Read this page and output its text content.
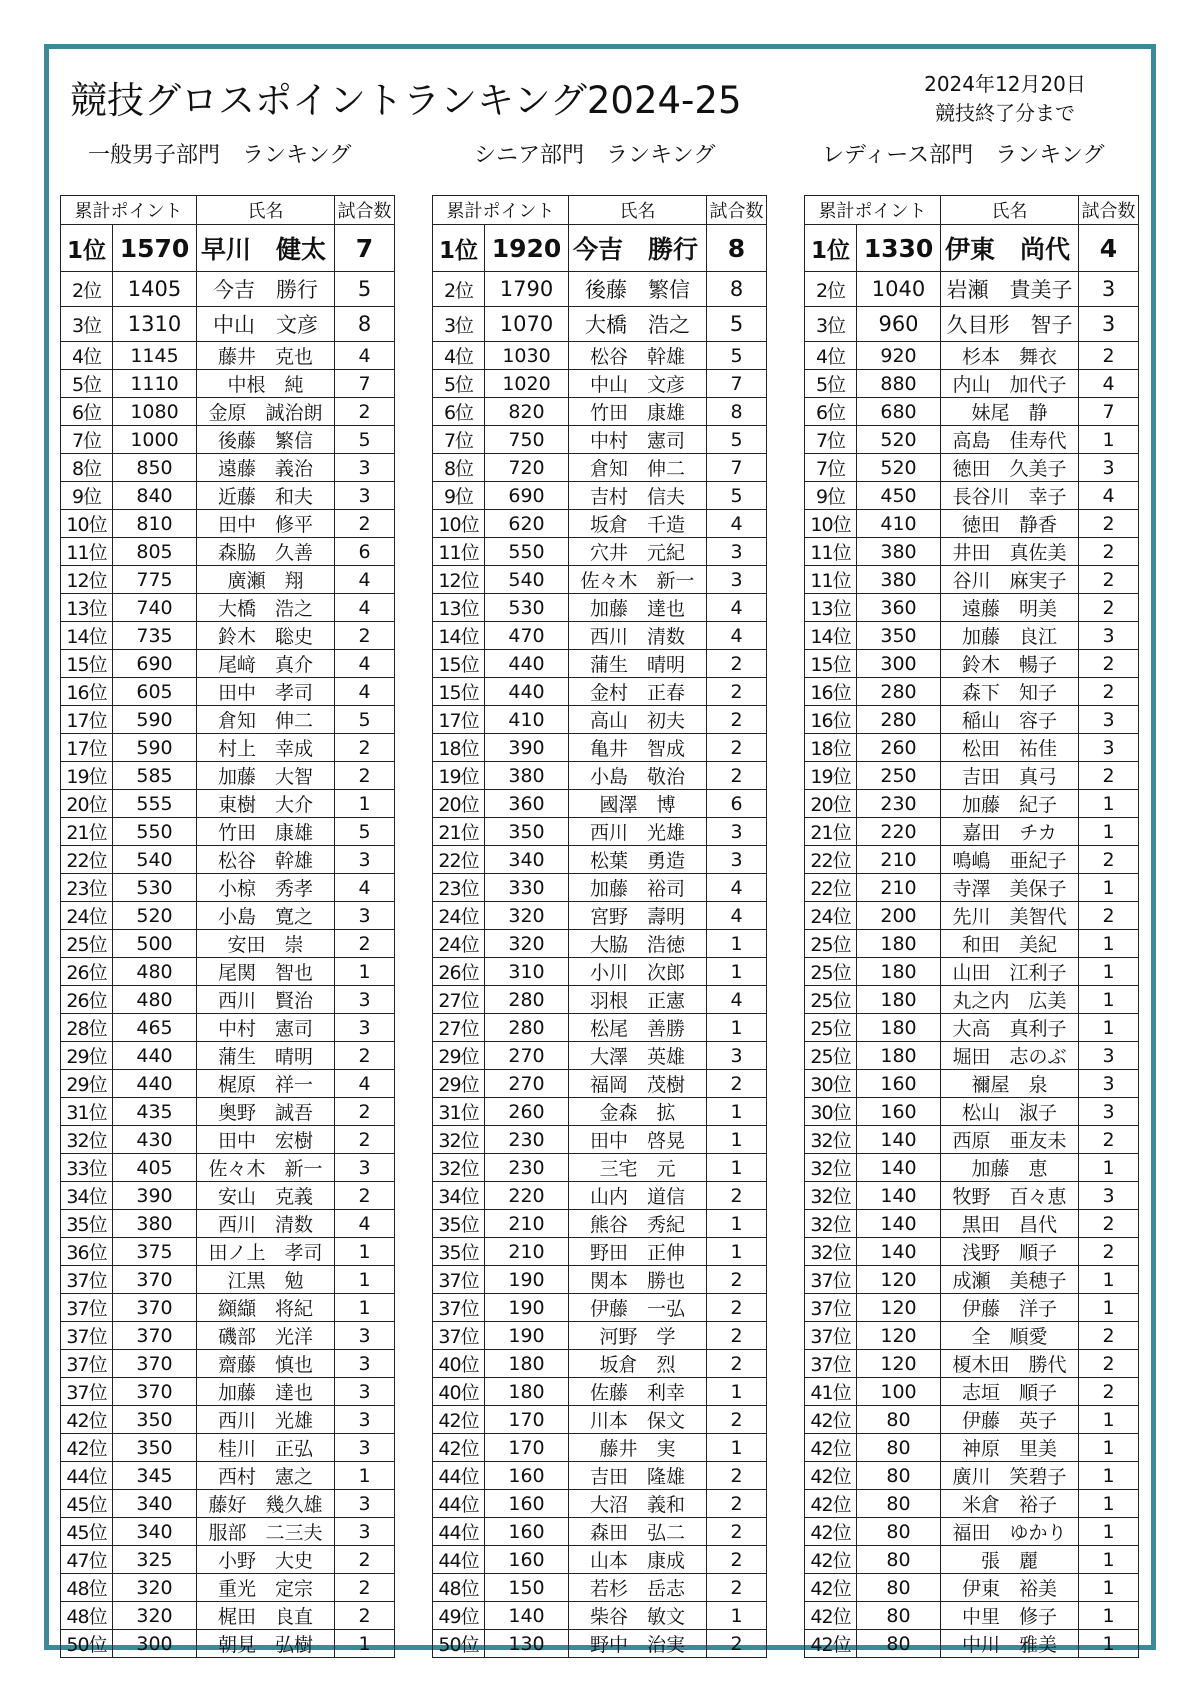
競技グロスポイントランキング2024-25	2024年12月20日
競技終了分まで
一般男子部門　ランキング	シニア部門　ランキング	レディース部門　ランキング
累計ポイント		氏名	試合数
1位	1570	早川　健太	7
2位	1405	今吉　勝行	5
3位	1310	中山　文彦	8
4位	1145	藤井　克也	4
5位	1110	中根　純	7
6位	1080	金原　誠治朗	2
7位	1000	後藤　繁信	5
8位	850	遠藤　義治	3
9位	840	近藤　和夫	3
10位	810	田中　修平	2
11位	805	森脇　久善	6
12位	775	廣瀬　翔	4
13位	740	大橋　浩之	4
14位	735	鈴木　聡史	2
15位	690	尾﨑　真介	4
16位	605	田中　孝司	4
17位	590	倉知　伸二	5
17位	590	村上　幸成	2
19位	585	加藤　大智	2
20位	555	東樹　大介	1
21位	550	竹田　康雄	5
22位	540	松谷　幹雄	3
23位	530	小椋　秀孝	4
24位	520	小島　寛之	3
25位	500	安田　崇	2
26位	480	尾関　智也	1
26位	480	西川　賢治	3
28位	465	中村　憲司	3
29位	440	蒲生　晴明	2
29位	440	梶原　祥一	4
31位	435	奥野　誠吾	2
32位	430	田中　宏樹	2
33位	405	佐々木　新一	3
34位	390	安山　克義	2
35位	380	西川　清数	4
36位	375	田ノ上　孝司	1
37位	370	江黒　勉	1
37位	370	纐纈　将紀	1
37位	370	磯部　光洋	3
37位	370	齋藤　慎也	3
37位	370	加藤　達也	3
42位	350	西川　光雄	3
42位	350	桂川　正弘	3
44位	345	西村　憲之	1
45位	340	藤好　幾久雄	3
45位	340	服部　二三夫	3
47位	325	小野　大史	2
48位	320	重光　定宗	2
48位	320	梶田　良直	2
50位	300	朝見　弘樹	1
累計ポイント		氏名	試合数
1位	1920	今吉　勝行	8
2位	1790	後藤　繁信	8
3位	1070	大橋　浩之	5
4位	1030	松谷　幹雄	5
5位	1020	中山　文彦	7
6位	820	竹田　康雄	8
7位	750	中村　憲司	5
8位	720	倉知　伸二	7
9位	690	吉村　信夫	5
10位	620	坂倉　千造	4
11位	550	穴井　元紀	3
12位	540	佐々木　新一	3
13位	530	加藤　達也	4
14位	470	西川　清数	4
15位	440	蒲生　晴明	2
15位	440	金村　正春	2
17位	410	高山　初夫	2
18位	390	亀井　智成	2
19位	380	小島　敬治	2
20位	360	國澤　博	6
21位	350	西川　光雄	3
22位	340	松葉　勇造	3
23位	330	加藤　裕司	4
24位	320	宮野　壽明	4
24位	320	大脇　浩徳	1
26位	310	小川　次郎	1
27位	280	羽根　正憲	4
27位	280	松尾　善勝	1
29位	270	大澤　英雄	3
29位	270	福岡　茂樹	2
31位	260	金森　拡	1
32位	230	田中　啓晃	1
32位	230	三宅　元	1
34位	220	山内　道信	2
35位	210	熊谷　秀紀	1
35位	210	野田　正伸	1
37位	190	関本　勝也	2
37位	190	伊藤　一弘	2
37位	190	河野　学	2
40位	180	坂倉　烈	2
40位	180	佐藤　利幸	1
42位	170	川本　保文	2
42位	170	藤井　実	1
44位	160	吉田　隆雄	2
44位	160	大沼　義和	2
44位	160	森田　弘二	2
44位	160	山本　康成	2
48位	150	若杉　岳志	2
49位	140	柴谷　敏文	1
50位	130	野中　治実	2
累計ポイント		氏名	試合数
1位	1330	伊東　尚代	4
2位	1040	岩瀬　貴美子	3
3位	960	久目形　智子	3
4位	920	杉本　舞衣	2
5位	880	内山　加代子	4
6位	680	妹尾　静	7
7位	520	高島　佳寿代	1
7位	520	徳田　久美子	3
9位	450	長谷川　幸子	4
10位	410	徳田　静香	2
11位	380	井田　真佐美	2
11位	380	谷川　麻実子	2
13位	360	遠藤　明美	2
14位	350	加藤　良江	3
15位	300	鈴木　暢子	2
16位	280	森下　知子	2
16位	280	稲山　容子	3
18位	260	松田　祐佳	3
19位	250	吉田　真弓	2
20位	230	加藤　紀子	1
21位	220	嘉田　チカ	1
22位	210	鳴嶋　亜紀子	2
22位	210	寺澤　美保子	1
24位	200	先川　美智代	2
25位	180	和田　美紀	1
25位	180	山田　江利子	1
25位	180	丸之内　広美	1
25位	180	大高　真利子	1
25位	180	堀田　志のぶ	3
30位	160	禰屋　泉	3
30位	160	松山　淑子	3
32位	140	西原　亜友未	2
32位	140	加藤　恵	1
32位	140	牧野　百々恵	3
32位	140	黒田　昌代	2
32位	140	浅野　順子	2
37位	120	成瀬　美穂子	1
37位	120	伊藤　洋子	1
37位	120	全　順愛	2
37位	120	榎木田　勝代	2
41位	100	志垣　順子	2
42位	80	伊藤　英子	1
42位	80	神原　里美	1
42位	80	廣川　笑碧子	1
42位	80	米倉　裕子	1
42位	80	福田　ゆかり	1
42位	80	張　麗	1
42位	80	伊東　裕美	1
42位	80	中里　修子	1
42位	80	中川　雅美	1
